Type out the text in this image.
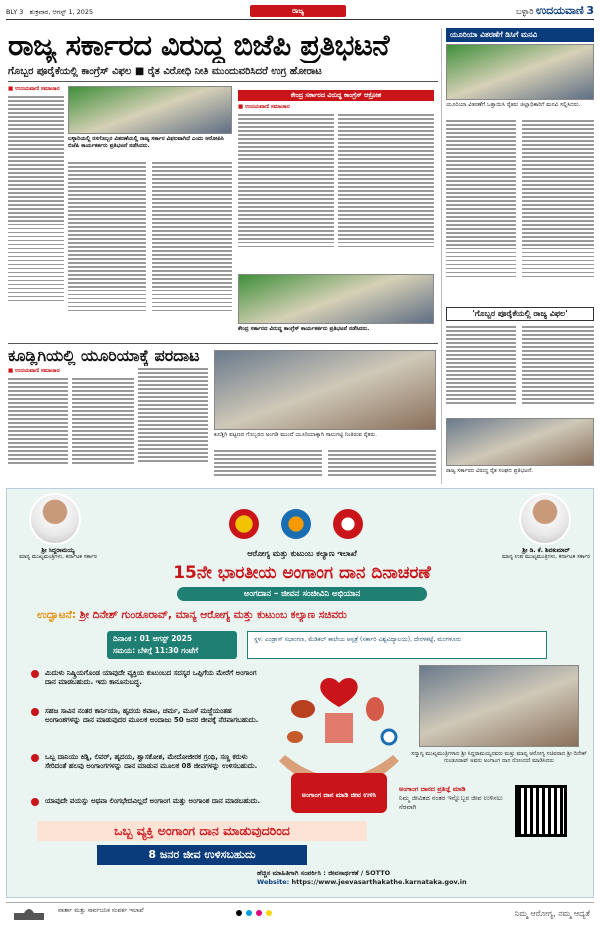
BLY 3 ಶುಕ್ರವಾರ, ಆಗಸ್ಟ್ 1, 2025	ರಾಜ್ಯ	ಬಳ್ಳಾರಿ ಉದಯವಾಣಿ 3
ರಾಜ್ಯ ಸರ್ಕಾರದ ವಿರುದ್ಧ ಬಿಜೆಪಿ ಪ್ರತಿಭಟನೆ
ಗೊಬ್ಬರ ಪೂರೈಕೆಯಲ್ಲಿ ಕಾಂಗ್ರೆಸ್ ವಿಫಲ ■ ರೈತ ವಿರೋಧಿ ನೀತಿ ಮುಂದುವರಿಸಿದರೆ ಉಗ್ರ ಹೋರಾಟ
ಯೂರಿಯಾ ವಿತರಣೆಗೆ ಡಿಸಿಗೆ ಮನವಿ
ಯೂರಿಯಾ ವಿತರಣೆಗೆ ಒತ್ತಾಯಿಸಿ ರೈತರು ಜಿಲ್ಲಾಧಿಕಾರಿಗೆ ಮನವಿ ಸಲ್ಲಿಸಿದರು.
'ಗೊಬ್ಬರ ಪೂರೈಕೆಯಲ್ಲಿ ರಾಜ್ಯ ವಿಫಲ'
ರಾಜ್ಯ ಸರ್ಕಾರದ ವಿರುದ್ಧ ರೈತ ಸಂಘದ ಪ್ರತಿಭಟನೆ.
■ ಉದಯವಾಣಿ ಸಮಾಚಾರ
ಬಳ್ಳಾರಿಯಲ್ಲಿ ರಸಗೊಬ್ಬರ ವಿತರಣೆಯಲ್ಲಿ ರಾಜ್ಯ ಸರ್ಕಾರ ವಿಫಲವಾಗಿದೆ ಎಂದು ಆರೋಪಿಸಿ ಬಿಜೆಪಿ ಕಾರ್ಯಕರ್ತರು ಪ್ರತಿಭಟನೆ ನಡೆಸಿದರು.
ಕೇಂದ್ರ ಸರ್ಕಾರದ ವಿರುದ್ಧ ಕಾಂಗ್ರೆಸ್ ಆಕ್ರೋಶ
■ ಉದಯವಾಣಿ ಸಮಾಚಾರ
ಕೇಂದ್ರ ಸರ್ಕಾರದ ವಿರುದ್ಧ ಕಾಂಗ್ರೆಸ್ ಕಾರ್ಯಕರ್ತರು ಪ್ರತಿಭಟನೆ ನಡೆಸಿದರು.
ಕೂಡ್ಲಿಗಿಯಲ್ಲಿ ಯೂರಿಯಾಕ್ಕೆ ಪರದಾಟ
■ ಉದಯವಾಣಿ ಸಮಾಚಾರ
ಕೂಡ್ಲಿಗಿ ಪಟ್ಟಣದ ಗೊಬ್ಬರದ ಅಂಗಡಿ ಮುಂದೆ ಯೂರಿಯಾಕ್ಕಾಗಿ ಸಾಲುಗಟ್ಟಿ ನಿಂತಿರುವ ರೈತರು.
ಶ್ರೀ ಸಿದ್ದರಾಮಯ್ಯ
ಮಾನ್ಯ ಮುಖ್ಯಮಂತ್ರಿಗಳು, ಕರ್ನಾಟಕ ಸರ್ಕಾರ
ಶ್ರೀ ಡಿ. ಕೆ. ಶಿವಕುಮಾರ್
ಮಾನ್ಯ ಉಪ ಮುಖ್ಯಮಂತ್ರಿಗಳು, ಕರ್ನಾಟಕ ಸರ್ಕಾರ
ಆರೋಗ್ಯ ಮತ್ತು ಕುಟುಂಬ ಕಲ್ಯಾಣ ಇಲಾಖೆ
15ನೇ ಭಾರತೀಯ ಅಂಗಾಂಗ ದಾನ ದಿನಾಚರಣೆ
ಅಂಗದಾನ – ಜೀವನ ಸಂಜೀವಿನಿ ಅಭಿಯಾನ
ಉದ್ಘಾಟನೆ: ಶ್ರೀ ದಿನೇಶ್ ಗುಂಡೂರಾವ್, ಮಾನ್ಯ ಆರೋಗ್ಯ ಮತ್ತು ಕುಟುಂಬ ಕಲ್ಯಾಣ ಸಚಿವರು
ದಿನಾಂಕ : 01 ಆಗಸ್ಟ್ 2025
ಸಮಯ: ಬೆಳಿಗ್ಗೆ 11:30 ಗಂಟೆಗೆ
ಸ್ಥಳ: ಎಂಡ್ರಾಸ್ ಸಭಾಂಗಣ, ಮೆಡಿಕಲ್ ಕಾಲೇಜು ಆಸ್ಪತ್ರೆ (ಸರ್ಕಾರಿ ವಿಶ್ವವಿದ್ಯಾಲಯ), ದೇರಳಕಟ್ಟೆ, ಮಂಗಳೂರು
ಮಿದುಳು ನಿಷ್ಕ್ರಿಯಗೊಂಡ ಯಾವುದೇ ವ್ಯಕ್ತಿಯ ಕುಟುಂಬದ ಸದಸ್ಯರ ಒಪ್ಪಿಗೆಯ ಮೇರೆಗೆ ಅಂಗಾಂಗ ದಾನ ಮಾಡಬಹುದು. ಇದು ಕಾನೂನುಬದ್ಧ.
ಸಹಜ ಸಾವಿನ ನಂತರ ಕಾರ್ನಿಯಾ, ಹೃದಯ ಕವಾಟ, ಚರ್ಮ, ಮೂಳೆ ಮಜ್ಜೆಯಂತಹ ಅಂಗಾಂಶಗಳನ್ನು ದಾನ ಮಾಡುವುದರ ಮೂಲಕ ಅಂದಾಜು 50 ಜನರ ಜೀವಕ್ಕೆ ನೆರವಾಗಬಹುದು.
ಒಬ್ಬ ದಾನಿಯು ಕಿಡ್ನಿ, ಲಿವರ್, ಹೃದಯ, ಶ್ವಾಸಕೋಶ, ಮೇದೋಜೀರಕ ಗ್ರಂಥಿ, ಸಣ್ಣ ಕರುಳು ಸೇರಿದಂತೆ ಹಲವು ಅಂಗಾಂಗಗಳನ್ನು ದಾನ ಮಾಡುವ ಮೂಲಕ 08 ಜೀವಗಳನ್ನು ಉಳಿಸಬಹುದು.
ಯಾವುದೇ ವಯಸ್ಸು ಅಥವಾ ಲಿಂಗಭೇದವಿಲ್ಲದೆ ಅಂಗಾಂಗ ಮತ್ತು ಅಂಗಾಂಶ ದಾನ ಮಾಡಬಹುದು.
ಅಂಗಾಂಗ ದಾನ ಮಾಡಿ ಜೀವ ಉಳಿಸಿ
ಸನ್ಮಾನ್ಯ ಮುಖ್ಯಮಂತ್ರಿಗಳಾದ ಶ್ರೀ ಸಿದ್ದರಾಮಯ್ಯನವರು ಮತ್ತು ಮಾನ್ಯ ಆರೋಗ್ಯ ಸಚಿವರಾದ ಶ್ರೀ ದಿನೇಶ್ ಗುಂಡೂರಾವ್ ಅವರು ಅಂಗಾಂಗ ದಾನ ನೋಂದಣಿ ಮಾಡಿಸಿದರು
ಅಂಗಾಂಗ ದಾನದ ಪ್ರತಿಜ್ಞೆ ಮಾಡಿ
ನಿಮ್ಮ ಜೀವಿತದ ನಂತರ ಇನ್ನೊಬ್ಬರ ಜೀವ ಉಳಿಸಲು ನೆರವಾಗಿ
ಒಬ್ಬ ವ್ಯಕ್ತಿ ಅಂಗಾಂಗ ದಾನ ಮಾಡುವುದರಿಂದ
8 ಜನರ ಜೀವ ಉಳಿಸಬಹುದು
ಹೆಚ್ಚಿನ ಮಾಹಿತಿಗಾಗಿ ಸಂಪರ್ಕಿಸಿ : ಜೀವಸಾರ್ಥಕತೆ / SOTTO
Website: https://www.jeevasarthakathe.karnataka.gov.in
ವಾರ್ತಾ ಮತ್ತು ಸಾರ್ವಜನಿಕ ಸಂಪರ್ಕ ಇಲಾಖೆ	ನಿಮ್ಮ ಆರೋಗ್ಯ, ನಮ್ಮ ಆದ್ಯತೆ
